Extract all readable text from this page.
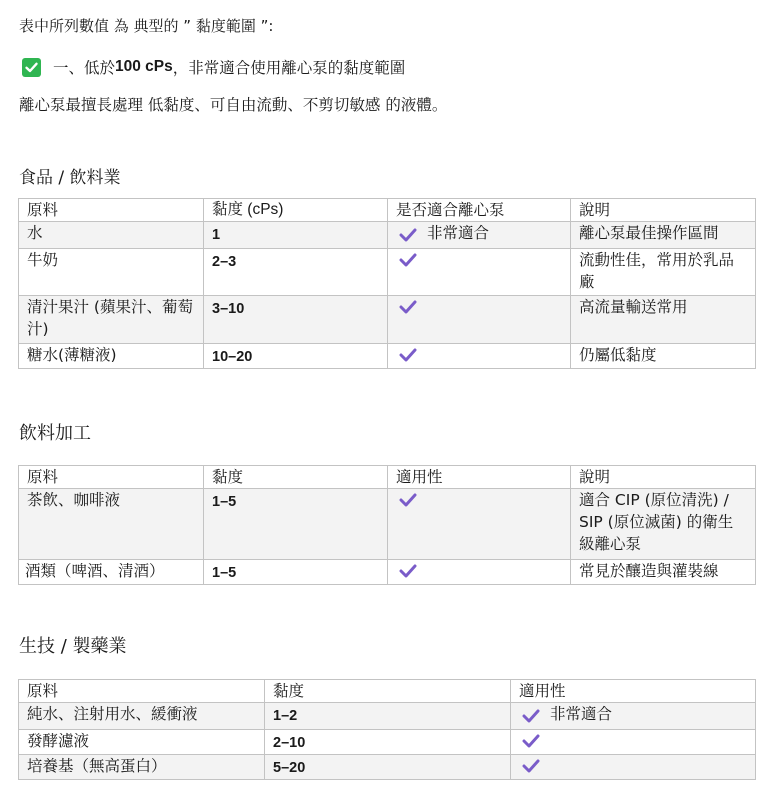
表中所列數值 為 典型的 ” 黏度範圍 ”:
一、低於 100 cPs ，非常適合使用離心泵的黏度範圍
離心泵最擅長處理 低黏度、可自由流動、不剪切敏感 的液體。
食品 / 飲料業
原料	黏度 (cPs)	是否適合離心泵	說明
水	1	非常適合	離心泵最佳操作區間
牛奶	2–3		流動性佳，常用於乳品廠
清汁果汁 (蘋果汁、葡萄汁)	3–10		高流量輸送常用
糖水(薄糖液)	10–20		仍屬低黏度
飲料加工
原料	黏度	適用性	說明
茶飲、咖啡液	1–5		適合 CIP (原位清洗) / SIP (原位滅菌) 的衛生級離心泵
酒類（啤酒、清酒）	1–5		常見於釀造與灌裝線
生技 / 製藥業
原料	黏度	適用性
純水、注射用水、緩衝液	1–2	非常適合

發酵濾液	2–10	

培養基（無高蛋白）	5–20	
